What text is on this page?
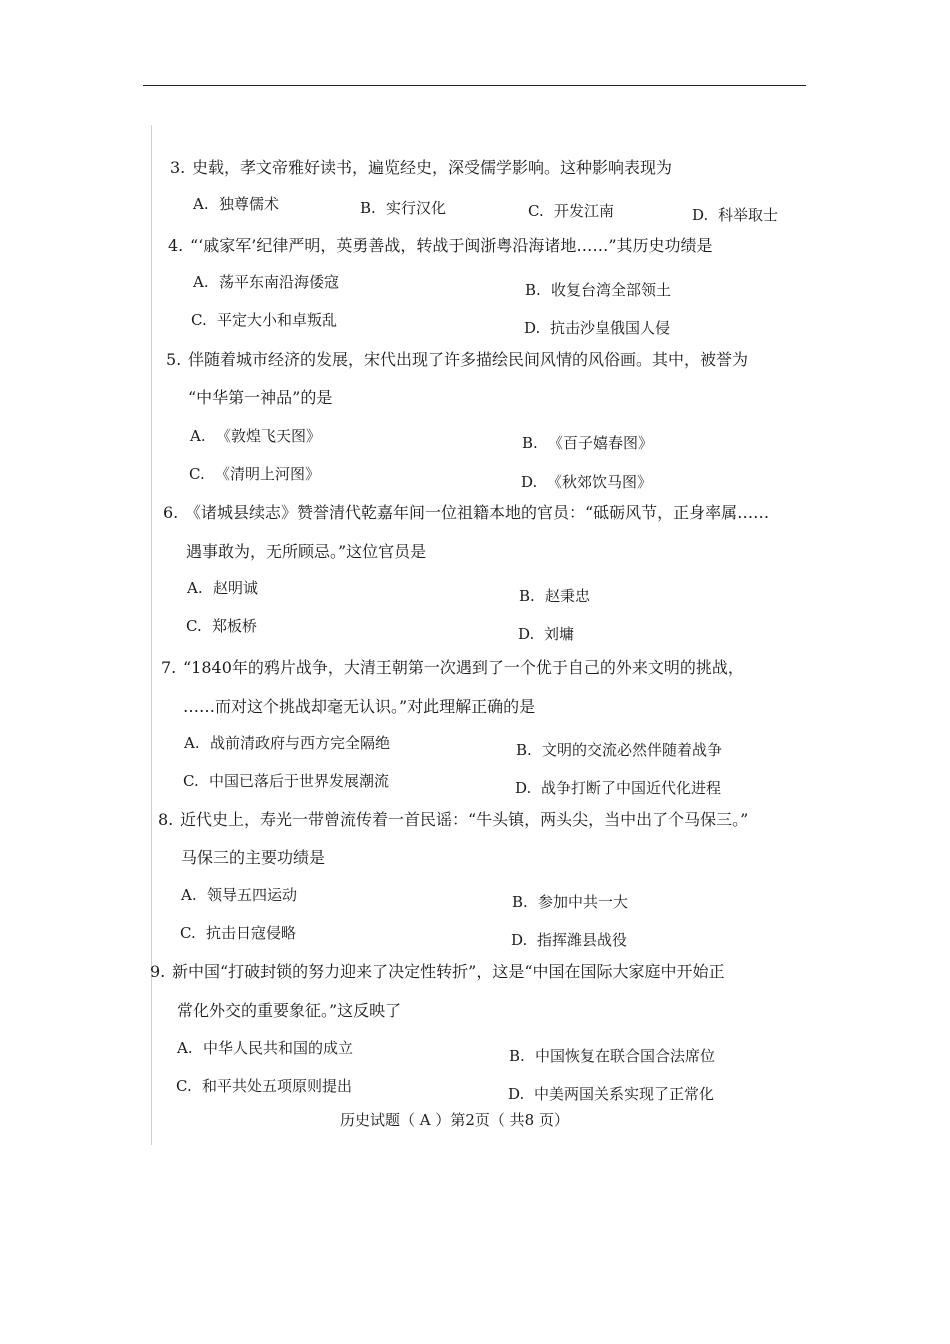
3. 史载，孝文帝雅好读书，遍览经史，深受儒学影响。这种影响表现为
A. 独尊儒术	B. 实行汉化	C. 开发江南	D. 科举取士
4. “‘戚家军’纪律严明，英勇善战，转战于闽浙粤沿海诸地……”其历史功绩是
A. 荡平东南沿海倭寇	B. 收复台湾全部领土
C. 平定大小和卓叛乱	D. 抗击沙皇俄国人侵
5. 伴随着城市经济的发展，宋代出现了许多描绘民间风情的风俗画。其中，被誉为
“中华第一神品”的是
A. 《敦煌飞天图》	B. 《百子嬉春图》
C. 《清明上河图》	D. 《秋郊饮马图》
6. 《诸城县续志》赞誉清代乾嘉年间一位祖籍本地的官员：“砥砺风节，正身率属……
遇事敢为，无所顾忌。”这位官员是
A. 赵明诚	B. 赵秉忠
C. 郑板桥	D. 刘墉
7. “1840年的鸦片战争，大清王朝第一次遇到了一个优于自己的外来文明的挑战，
……而对这个挑战却毫无认识。”对此理解正确的是
A. 战前清政府与西方完全隔绝	B. 文明的交流必然伴随着战争
C. 中国已落后于世界发展潮流	D. 战争打断了中国近代化进程
8. 近代史上，寿光一带曾流传着一首民谣：“牛头镇，两头尖，当中出了个马保三。”
马保三的主要功绩是
A. 领导五四运动	B. 参加中共一大
C. 抗击日寇侵略	D. 指挥潍县战役
9. 新中国“打破封锁的努力迎来了决定性转折”，这是“中国在国际大家庭中开始正
常化外交的重要象征。”这反映了
A. 中华人民共和国的成立	B. 中国恢复在联合国合法席位
C. 和平共处五项原则提出	D. 中美两国关系实现了正常化
历史试题（ A ）第2页（ 共8 页）
